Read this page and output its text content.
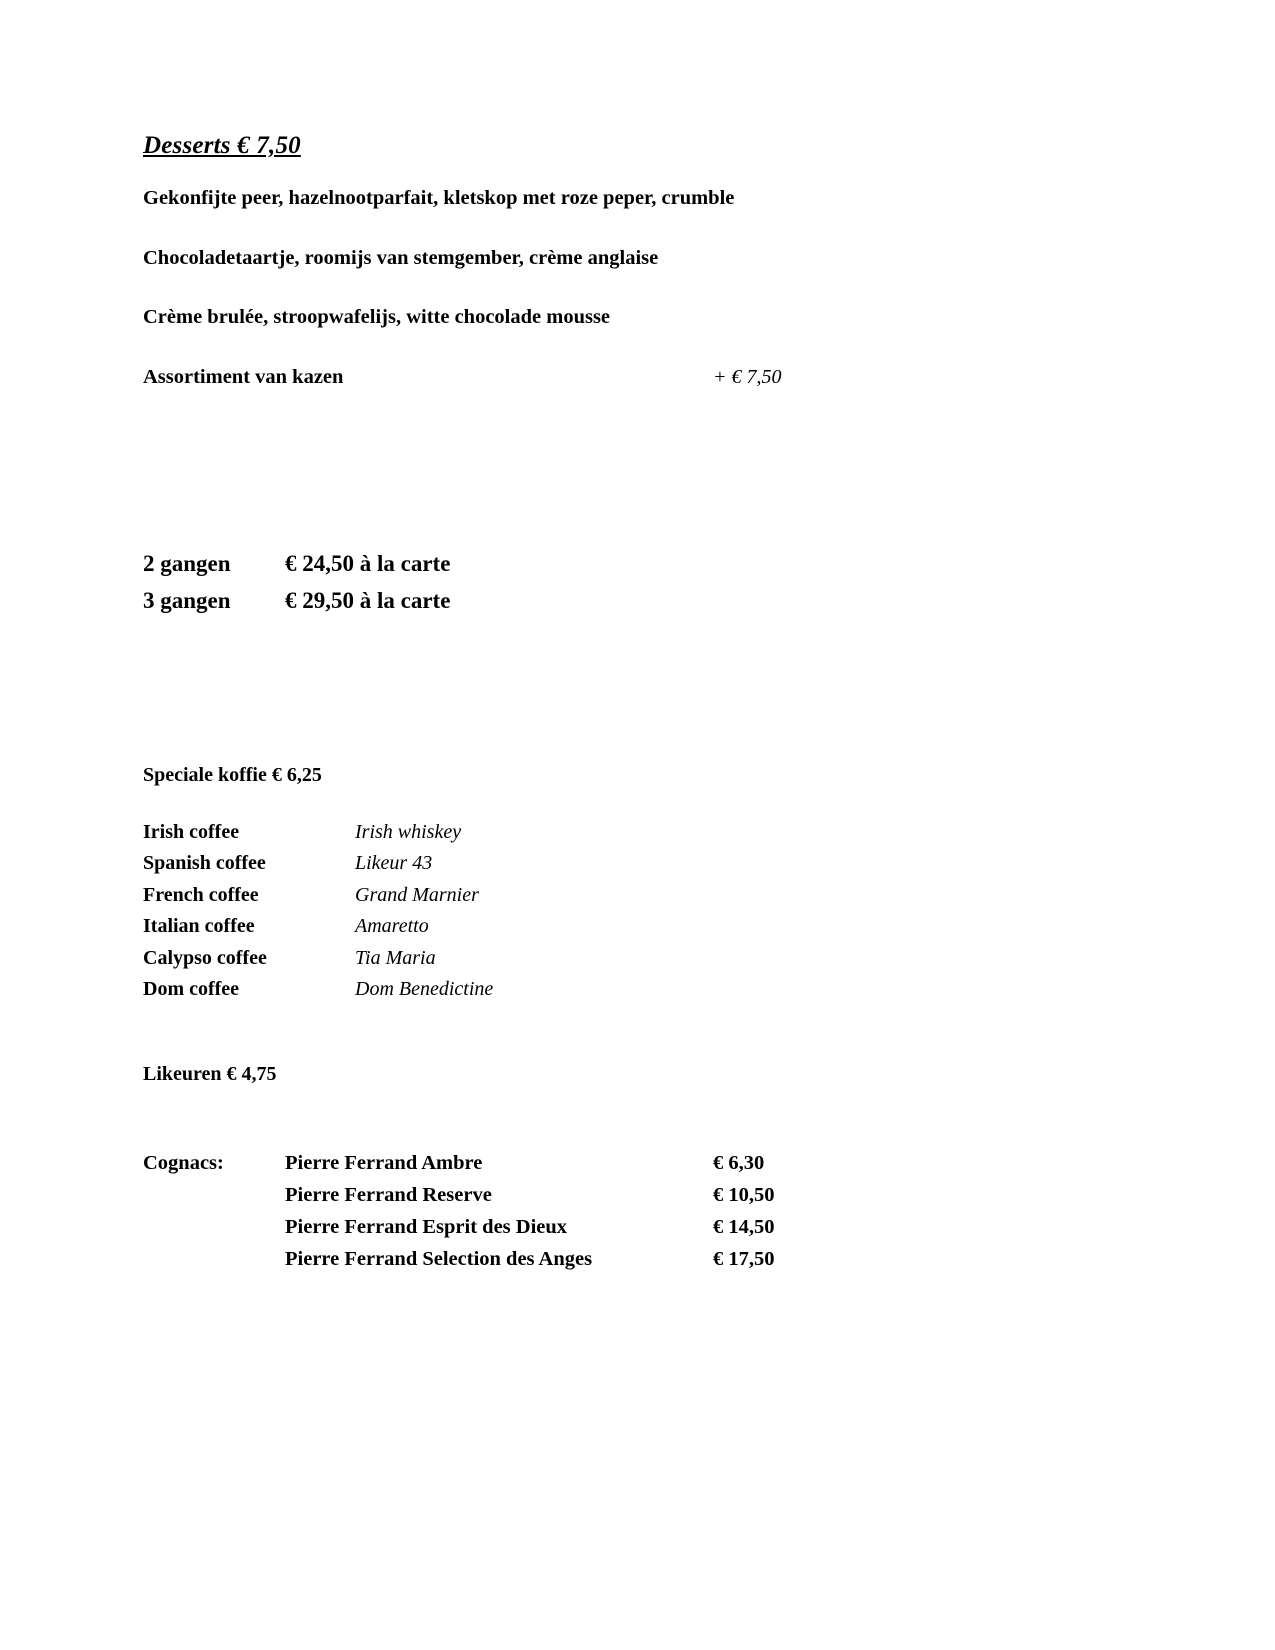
Desserts € 7,50
Gekonfijte peer, hazelnootparfait, kletskop met roze peper, crumble
Chocoladetaartje, roomijs van stemgember, crème anglaise
Crème brulée, stroopwafelijs, witte chocolade mousse
Assortiment van kazen	+ € 7,50
2 gangen € 24,50 à la carte
3 gangen € 29,50 à la carte
Speciale koffie € 6,25
Irish coffee	Irish whiskey
Spanish coffee	Likeur 43
French coffee	Grand Marnier
Italian coffee	Amaretto
Calypso coffee	Tia Maria
Dom coffee	Dom Benedictine
Likeuren € 4,75
Cognacs:	Pierre Ferrand Ambre	€ 6,30
	Pierre Ferrand Reserve	€ 10,50
	Pierre Ferrand Esprit des Dieux	€ 14,50
	Pierre Ferrand Selection des Anges	€ 17,50
